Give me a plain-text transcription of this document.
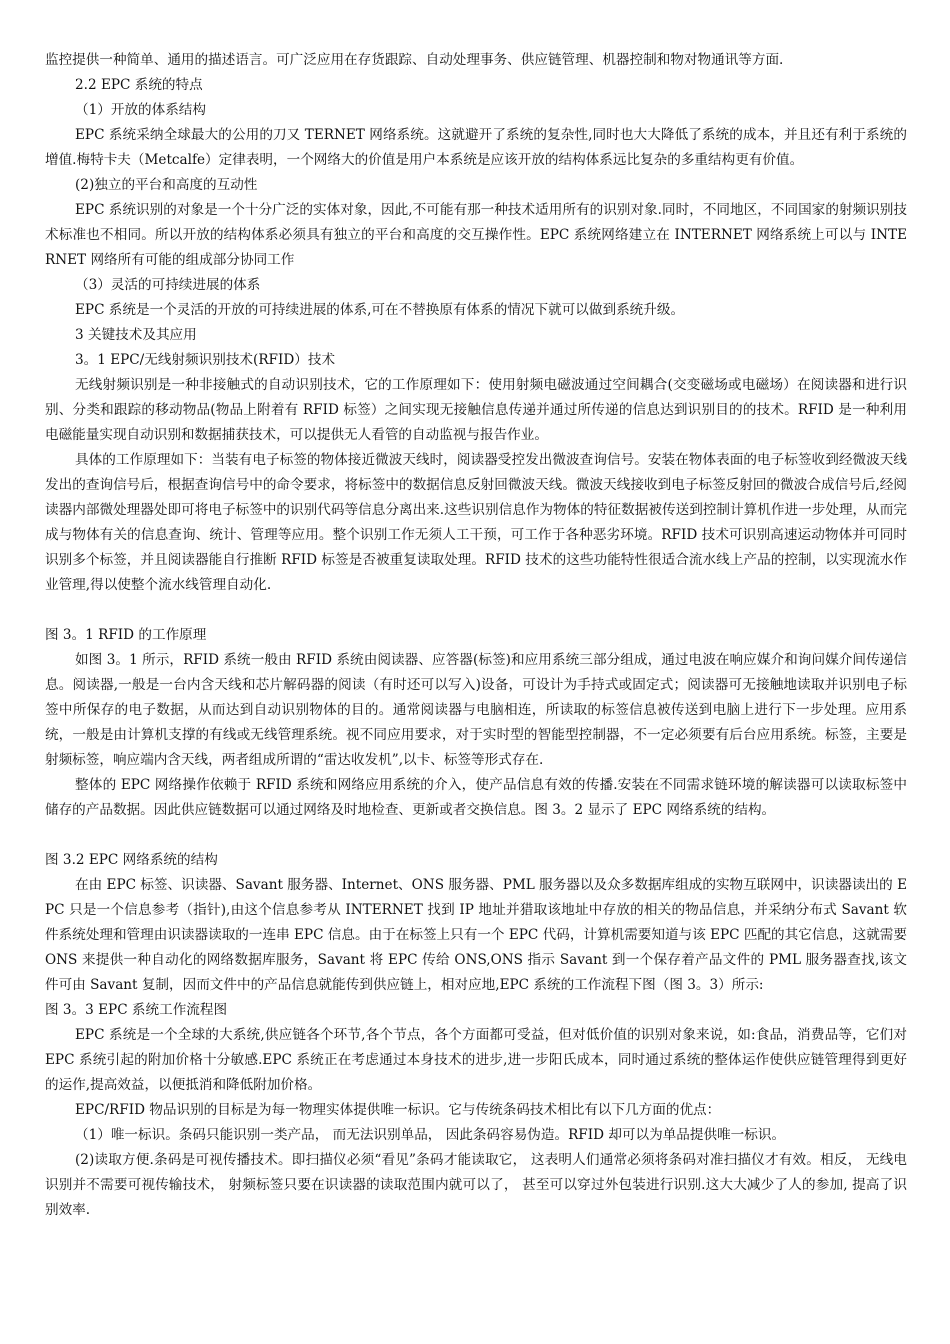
监控提供一种简单、通用的描述语言。可广泛应用在存货跟踪、自动处理事务、供应链管理、机器控制和物对物通讯等方面.

2.2 EPC 系统的特点

（1）开放的体系结构

EPC 系统采纳全球最大的公用的刀又 TERNET 网络系统。这就避开了系统的复杂性,同时也大大降低了系统的成本，并且还有利于系统的增值.梅特卡夫（Metcalfe）定律表明，一个网络大的价值是用户本系统是应该开放的结构体系远比复杂的多重结构更有价值。

(2)独立的平台和高度的互动性

EPC 系统识别的对象是一个十分广泛的实体对象，因此,不可能有那一种技术适用所有的识别对象.同时，不同地区，不同国家的射频识别技术标准也不相同。所以开放的结构体系必须具有独立的平台和高度的交互操作性。EPC 系统网络建立在 INTERNET 网络系统上可以与 INTERNET 网络所有可能的组成部分协同工作

（3）灵活的可持续进展的体系

EPC 系统是一个灵活的开放的可持续进展的体系,可在不替换原有体系的情况下就可以做到系统升级。

3 关键技术及其应用

3。1 EPC/无线射频识别技术(RFID）技术

无线射频识别是一种非接触式的自动识别技术，它的工作原理如下：使用射频电磁波通过空间耦合(交变磁场或电磁场）在阅读器和进行识别、分类和跟踪的移动物品(物品上附着有 RFID 标签）之间实现无接触信息传递并通过所传递的信息达到识别目的的技术。RFID 是一种利用电磁能量实现自动识别和数据捕获技术，可以提供无人看管的自动监视与报告作业。

具体的工作原理如下：当装有电子标签的物体接近微波天线时，阅读器受控发出微波查询信号。安装在物体表面的电子标签收到经微波天线发出的查询信号后，根据查询信号中的命令要求，将标签中的数据信息反射回微波天线。微波天线接收到电子标签反射回的微波合成信号后,经阅读器内部微处理器处即可将电子标签中的识别代码等信息分离出来.这些识别信息作为物体的特征数据被传送到控制计算机作进一步处理，从而完成与物体有关的信息查询、统计、管理等应用。整个识别工作无须人工干预，可工作于各种恶劣环境。RFID 技术可识别高速运动物体并可同时识别多个标签，并且阅读器能自行推断 RFID 标签是否被重复读取处理。RFID 技术的这些功能特性很适合流水线上产品的控制，以实现流水作业管理,得以使整个流水线管理自动化.

图 3。1 RFID 的工作原理

如图 3。1 所示，RFID 系统一般由 RFID 系统由阅读器、应答器(标签)和应用系统三部分组成，通过电波在响应媒介和询问媒介间传递信息。阅读器,一般是一台内含天线和芯片解码器的阅读（有时还可以写入)设备，可设计为手持式或固定式；阅读器可无接触地读取并识别电子标签中所保存的电子数据，从而达到自动识别物体的目的。通常阅读器与电脑相连，所读取的标签信息被传送到电脑上进行下一步处理。应用系统，一般是由计算机支撑的有线或无线管理系统。视不同应用要求，对于实时型的智能型控制器，不一定必须要有后台应用系统。标签，主要是射频标签，响应端内含天线，两者组成所谓的“雷达收发机”,以卡、标签等形式存在.

整体的 EPC 网络操作依赖于 RFID 系统和网络应用系统的介入，使产品信息有效的传播.安装在不同需求链环境的解读器可以读取标签中储存的产品数据。因此供应链数据可以通过网络及时地检查、更新或者交换信息。图 3。2 显示了 EPC 网络系统的结构。

图 3.2 EPC 网络系统的结构

在由 EPC 标签、识读器、Savant 服务器、Internet、ONS 服务器、PML 服务器以及众多数据库组成的实物互联网中，识读器读出的 EPC 只是一个信息参考（指针),由这个信息参考从 INTERNET 找到 IP 地址并猎取该地址中存放的相关的物品信息，并采纳分布式 Savant 软件系统处理和管理由识读器读取的一连串 EPC 信息。由于在标签上只有一个 EPC 代码，计算机需要知道与该 EPC 匹配的其它信息，这就需要 ONS 来提供一种自动化的网络数据库服务，Savant 将 EPC 传给 ONS,ONS 指示 Savant 到一个保存着产品文件的 PML 服务器查找,该文件可由 Savant 复制，因而文件中的产品信息就能传到供应链上，相对应地,EPC 系统的工作流程下图（图 3。3）所示:

图 3。3 EPC 系统工作流程图

EPC 系统是一个全球的大系统,供应链各个环节,各个节点，各个方面都可受益，但对低价值的识别对象来说，如:食品，消费品等，它们对 EPC 系统引起的附加价格十分敏感.EPC 系统正在考虑通过本身技术的进步,进一步阳氏成本，同时通过系统的整体运作使供应链管理得到更好的运作,提高效益，以便抵消和降低附加价格。

EPC/RFID 物品识别的目标是为每一物理实体提供唯一标识。它与传统条码技术相比有以下几方面的优点：

（1）唯一标识。条码只能识别一类产品， 而无法识别单品， 因此条码容易伪造。RFID 却可以为单品提供唯一标识。

(2)读取方便.条码是可视传播技术。即扫描仪必须“看见”条码才能读取它， 这表明人们通常必须将条码对准扫描仪才有效。相反， 无线电识别并不需要可视传输技术， 射频标签只要在识读器的读取范围内就可以了， 甚至可以穿过外包装进行识别.这大大减少了人的参加, 提高了识别效率.
